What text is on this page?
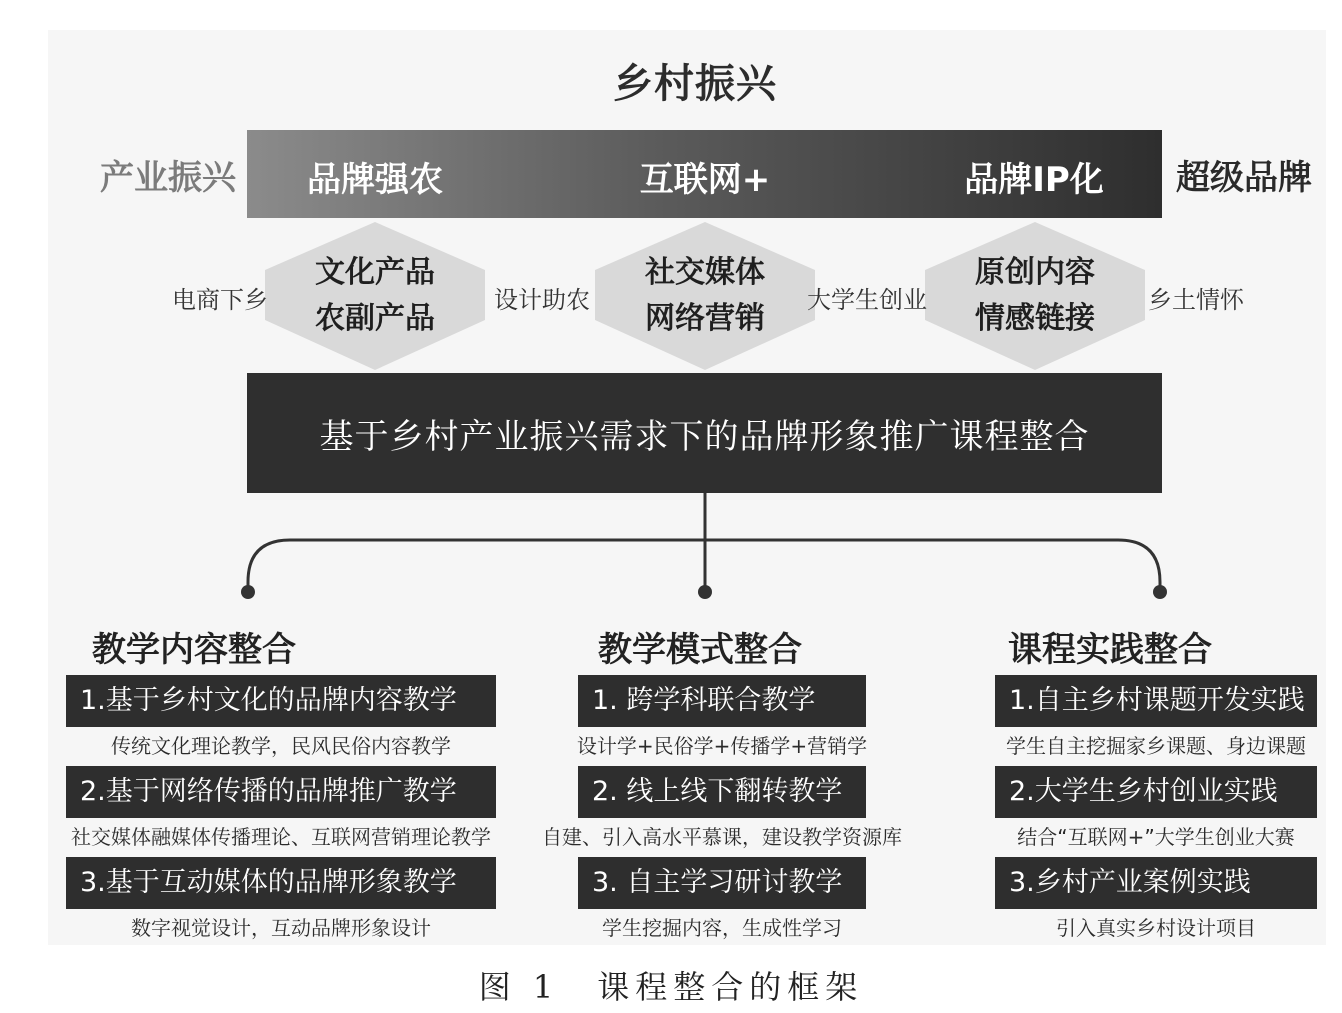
乡村振兴
品牌强农	互联网+	品牌IP化
产业振兴	超级品牌
文化产品
农副产品
社交媒体
网络营销
原创内容
情感链接
电商下乡	设计助农	大学生创业	乡土情怀
基于乡村产业振兴需求下的品牌形象推广课程整合
教学内容整合
1.基于乡村文化的品牌内容教学
传统文化理论教学，民风民俗内容教学
2.基于网络传播的品牌推广教学
社交媒体融媒体传播理论、互联网营销理论教学
3.基于互动媒体的品牌形象教学
数字视觉设计，互动品牌形象设计
教学模式整合
1. 跨学科联合教学
设计学+民俗学+传播学+营销学
2. 线上线下翻转教学
自建、引入高水平慕课，建设教学资源库
3. 自主学习研讨教学
学生挖掘内容，生成性学习
课程实践整合
1.自主乡村课题开发实践
学生自主挖掘家乡课题、身边课题
2.大学生乡村创业实践
结合“互联网+”大学生创业大赛
3.乡村产业案例实践
引入真实乡村设计项目
图 1　课程整合的框架
